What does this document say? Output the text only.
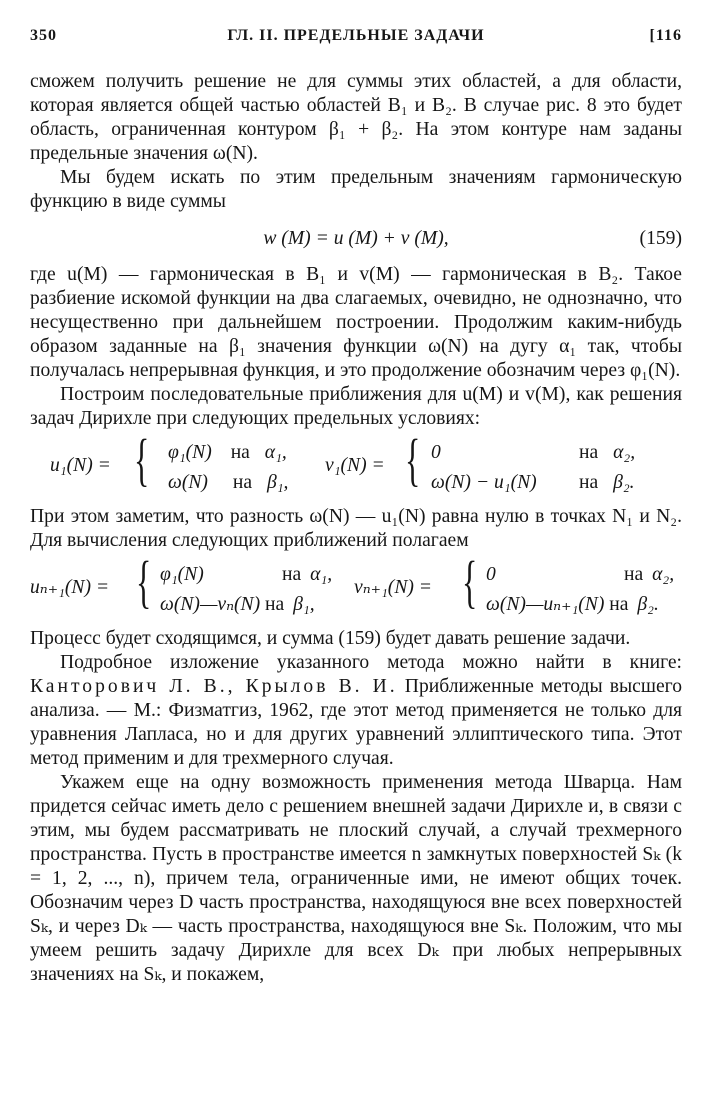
350	ГЛ. II. ПРЕДЕЛЬНЫЕ ЗАДАЧИ	[116

сможем получить решение не для суммы этих областей, а для области, которая является общей частью областей B₁ и B₂. В случае рис. 8 это будет область, ограниченная контуром β₁ + β₂. На этом контуре нам заданы предельные значения ω(N).

Мы будем искать по этим предельным значениям гармоническую функцию в виде суммы

w (M) = u (M) + v (M),	(159)

где u(M) — гармоническая в B₁ и v(M) — гармоническая в B₂. Такое разбиение искомой функции на два слагаемых, очевидно, не однозначно, что несущественно при дальнейшем построении. Продолжим каким-нибудь образом заданные на β₁ значения функции ω(N) на дугу α₁ так, чтобы получалась непрерывная функция, и это продолжение обозначим через φ₁(N).

Построим последовательные приближения для u(M) и v(M), как решения задач Дирихле при следующих предельных условиях:

u₁(N) = { φ₁(N) на α₁,
ω(N) на β₁,
v₁(N) = { 0	на α₂,
ω(N) − u₁(N) на β₂.

При этом заметим, что разность ω(N) — u₁(N) равна нулю в точках N₁ и N₂. Для вычисления следующих приближений полагаем

uₙ₊₁(N) = { φ₁(N)	на α₁,
ω(N)—vₙ(N) на β₁,
vₙ₊₁(N) = { 0	на α₂,
ω(N)—uₙ₊₁(N) на β₂.

Процесс будет сходящимся, и сумма (159) будет давать решение задачи.

Подробное изложение указанного метода можно найти в книге: Канторович Л. В., Крылов В. И. Приближенные методы высшего анализа. — М.: Физматгиз, 1962, где этот метод применяется не только для уравнения Лапласа, но и для других уравнений эллиптического типа. Этот метод применим и для трехмерного случая.

Укажем еще на одну возможность применения метода Шварца. Нам придется сейчас иметь дело с решением внешней задачи Дирихле и, в связи с этим, мы будем рассматривать не плоский случай, а случай трехмерного пространства. Пусть в пространстве имеется n замкнутых поверхностей Sₖ (k = 1, 2, ..., n), причем тела, ограниченные ими, не имеют общих точек. Обозначим через D часть пространства, находящуюся вне всех поверхностей Sₖ, и через Dₖ — часть пространства, находящуюся вне Sₖ. Положим, что мы умеем решить задачу Дирихле для всех Dₖ при любых непрерывных значениях на Sₖ, и покажем,
